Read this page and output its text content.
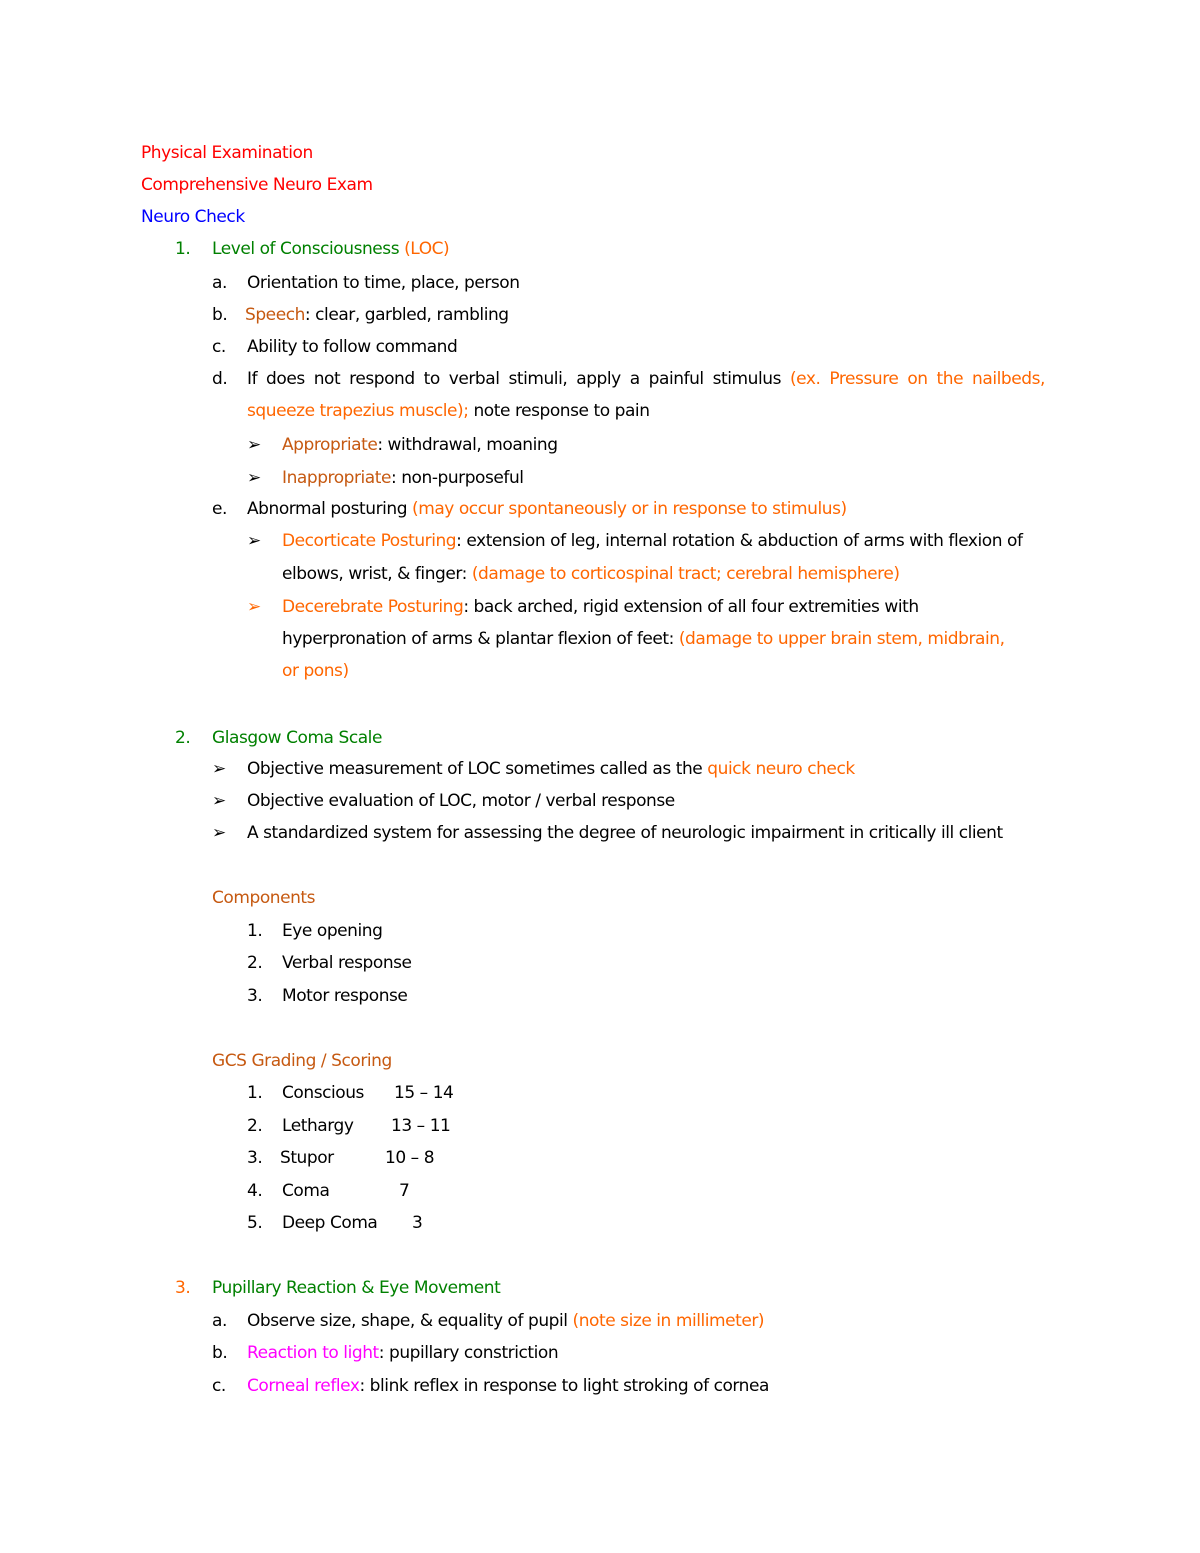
Physical Examination
Comprehensive Neuro Exam
Neuro Check
1. Level of Consciousness (LOC)
a. Orientation to time, place, person
b. Speech: clear, garbled, rambling
c. Ability to follow command
d. If does not respond to verbal stimuli, apply a painful stimulus (ex. Pressure on the nailbeds,
squeeze trapezius muscle); note response to pain
➢ Appropriate: withdrawal, moaning
➢ Inappropriate: non-purposeful
e. Abnormal posturing (may occur spontaneously or in response to stimulus)
➢ Decorticate Posturing: extension of leg, internal rotation & abduction of arms with flexion of
elbows, wrist, & finger: (damage to corticospinal tract; cerebral hemisphere)
➢ Decerebrate Posturing: back arched, rigid extension of all four extremities with
hyperpronation of arms & plantar flexion of feet: (damage to upper brain stem, midbrain,
or pons)
2. Glasgow Coma Scale
➢ Objective measurement of LOC sometimes called as the quick neuro check
➢ Objective evaluation of LOC, motor / verbal response
➢ A standardized system for assessing the degree of neurologic impairment in critically ill client
Components
1. Eye opening
2. Verbal response
3. Motor response
GCS Grading / Scoring
1. Conscious 15 – 14
2. Lethargy 13 – 11
3. Stupor	10 – 8
4. Coma	7
5. Deep Coma 3
3. Pupillary Reaction & Eye Movement
a. Observe size, shape, & equality of pupil (note size in millimeter)
b. Reaction to light: pupillary constriction
c. Corneal reflex: blink reflex in response to light stroking of cornea
